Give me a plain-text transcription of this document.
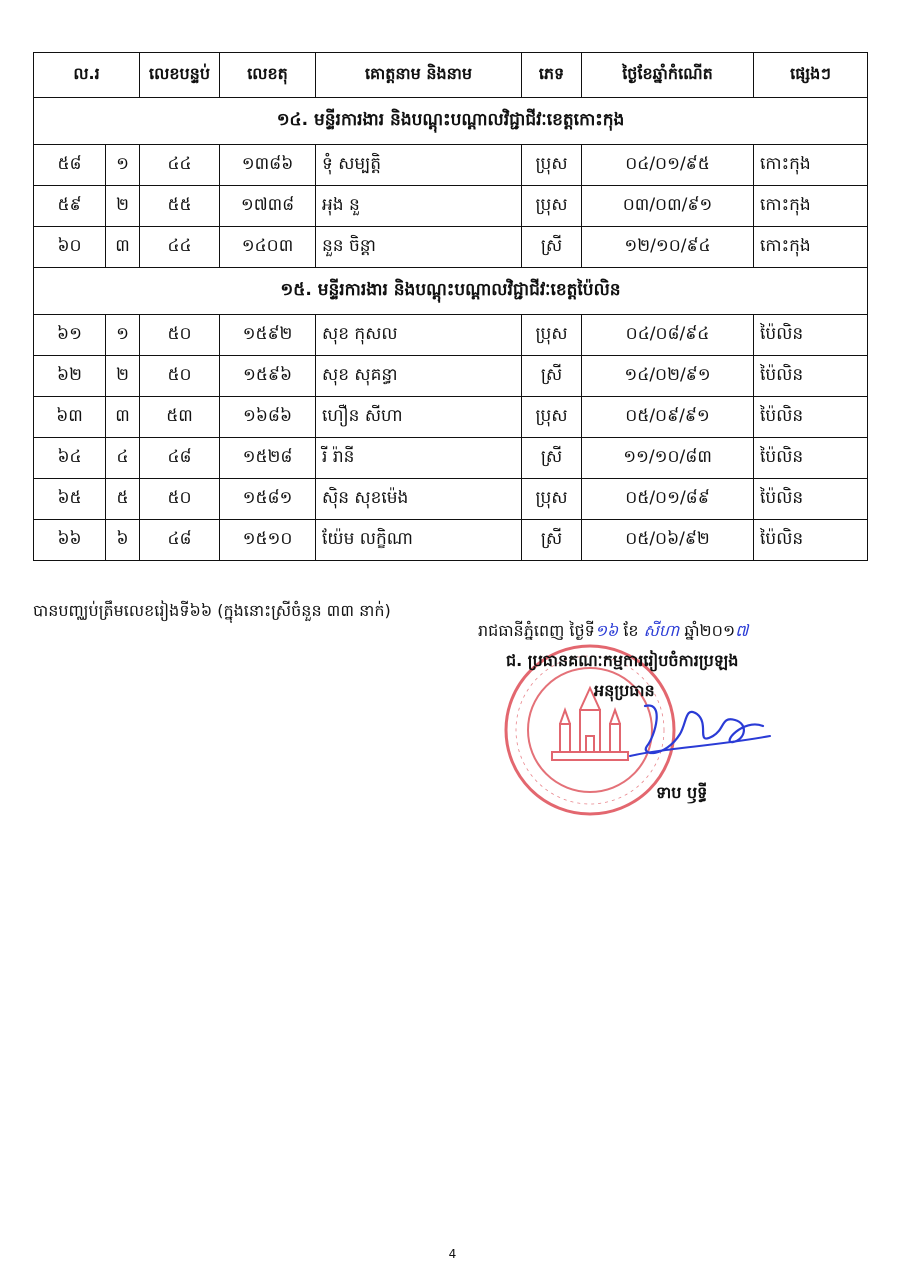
ល.រ		លេខបន្ទប់	លេខតុ	គោត្តនាម និងនាម	ភេទ	ថ្ងៃខែឆ្នាំកំណើត	ផ្សេងៗ
១៤. មន្ទីរការងារ និងបណ្តុះបណ្តាលវិជ្ជាជីវៈខេត្តកោះកុង							
៥៨	១	៤៤	១៣៨៦	ទុំ សម្បត្តិ	ប្រុស	០៤/០១/៩៥	កោះកុង
៥៩	២	៥៥	១៧៣៨	អុង នួ	ប្រុស	០៣/០៣/៩១	កោះកុង
៦០	៣	៤៤	១៤០៣	នួន ចិន្តា	ស្រី	១២/១០/៩៤	កោះកុង
១៥. មន្ទីរការងារ និងបណ្តុះបណ្តាលវិជ្ជាជីវៈខេត្តប៉ៃលិន							
៦១	១	៥០	១៥៩២	សុខ កុសល	ប្រុស	០៤/០៨/៩៤	ប៉ៃលិន
៦២	២	៥០	១៥៩៦	សុខ សុគន្ធា	ស្រី	១៤/០២/៩១	ប៉ៃលិន
៦៣	៣	៥៣	១៦៨៦	ហឿន សីហា	ប្រុស	០៥/០៩/៩១	ប៉ៃលិន
៦៤	៤	៤៨	១៥២៨	រី រ៉ានី	ស្រី	១១/១០/៨៣	ប៉ៃលិន
៦៥	៥	៥០	១៥៨១	ស៊ិន សុខម៉េង	ប្រុស	០៥/០១/៨៩	ប៉ៃលិន
៦៦	៦	៤៨	១៥១០	យ៉ែម លក្ខិណា	ស្រី	០៥/០៦/៩២	ប៉ៃលិន
បានបញ្ឈប់ត្រឹមលេខរៀងទី៦៦ (ក្នុងនោះស្រីចំនួន ៣៣ នាក់)
រាជធានីភ្នំពេញ ថ្ងៃទី១៦ ខែ សីហា ឆ្នាំ២០១៧
ជ. ប្រធានគណៈកម្មការរៀបចំការប្រឡង
អនុប្រធាន
ទាប ឫទ្ធី
4
